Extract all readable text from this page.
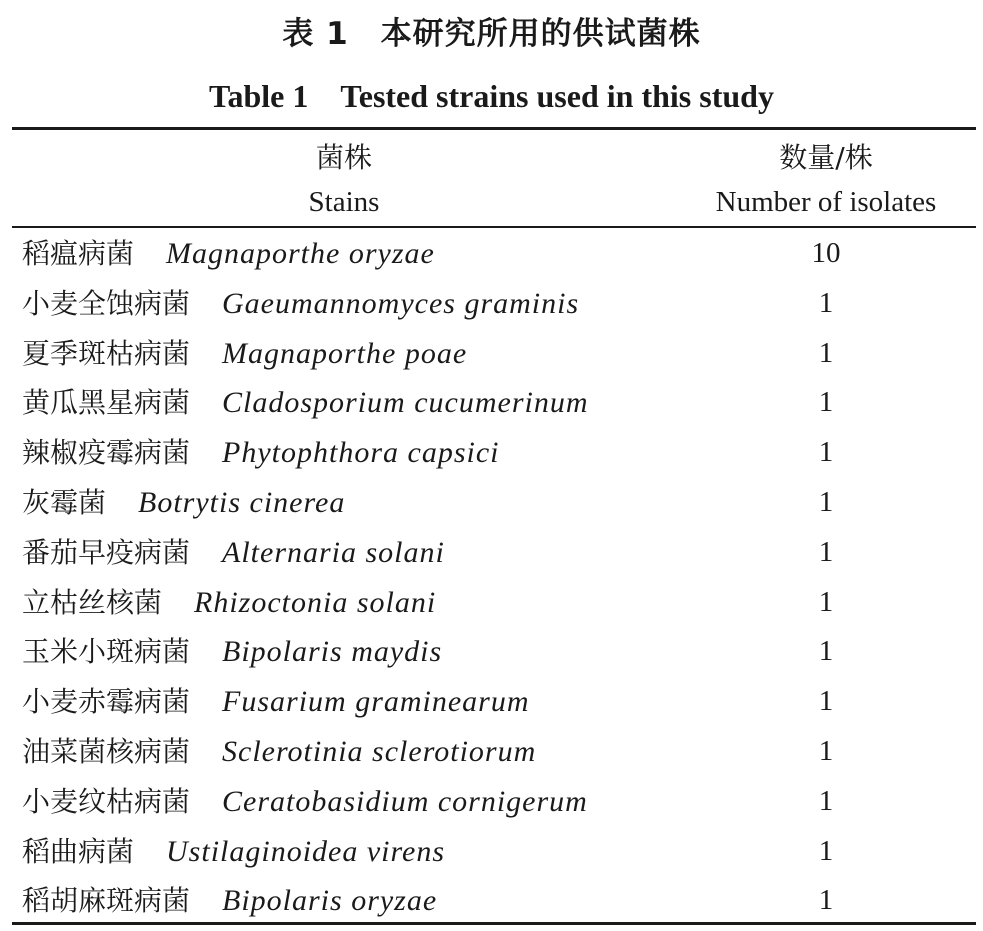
表 1　本研究所用的供试菌株
Table 1　Tested strains used in this study
菌株
Stains
数量/株
Number of isolates
稻瘟病菌 Magnaporthe oryzae	10
小麦全蚀病菌 Gaeumannomyces graminis	1
夏季斑枯病菌 Magnaporthe poae	1
黄瓜黑星病菌 Cladosporium cucumerinum	1
辣椒疫霉病菌 Phytophthora capsici	1
灰霉菌 Botrytis cinerea	1
番茄早疫病菌 Alternaria solani	1
立枯丝核菌 Rhizoctonia solani	1
玉米小斑病菌 Bipolaris maydis	1
小麦赤霉病菌 Fusarium graminearum	1
油菜菌核病菌 Sclerotinia sclerotiorum	1
小麦纹枯病菌 Ceratobasidium cornigerum	1
稻曲病菌 Ustilaginoidea virens	1
稻胡麻斑病菌 Bipolaris oryzae	1
